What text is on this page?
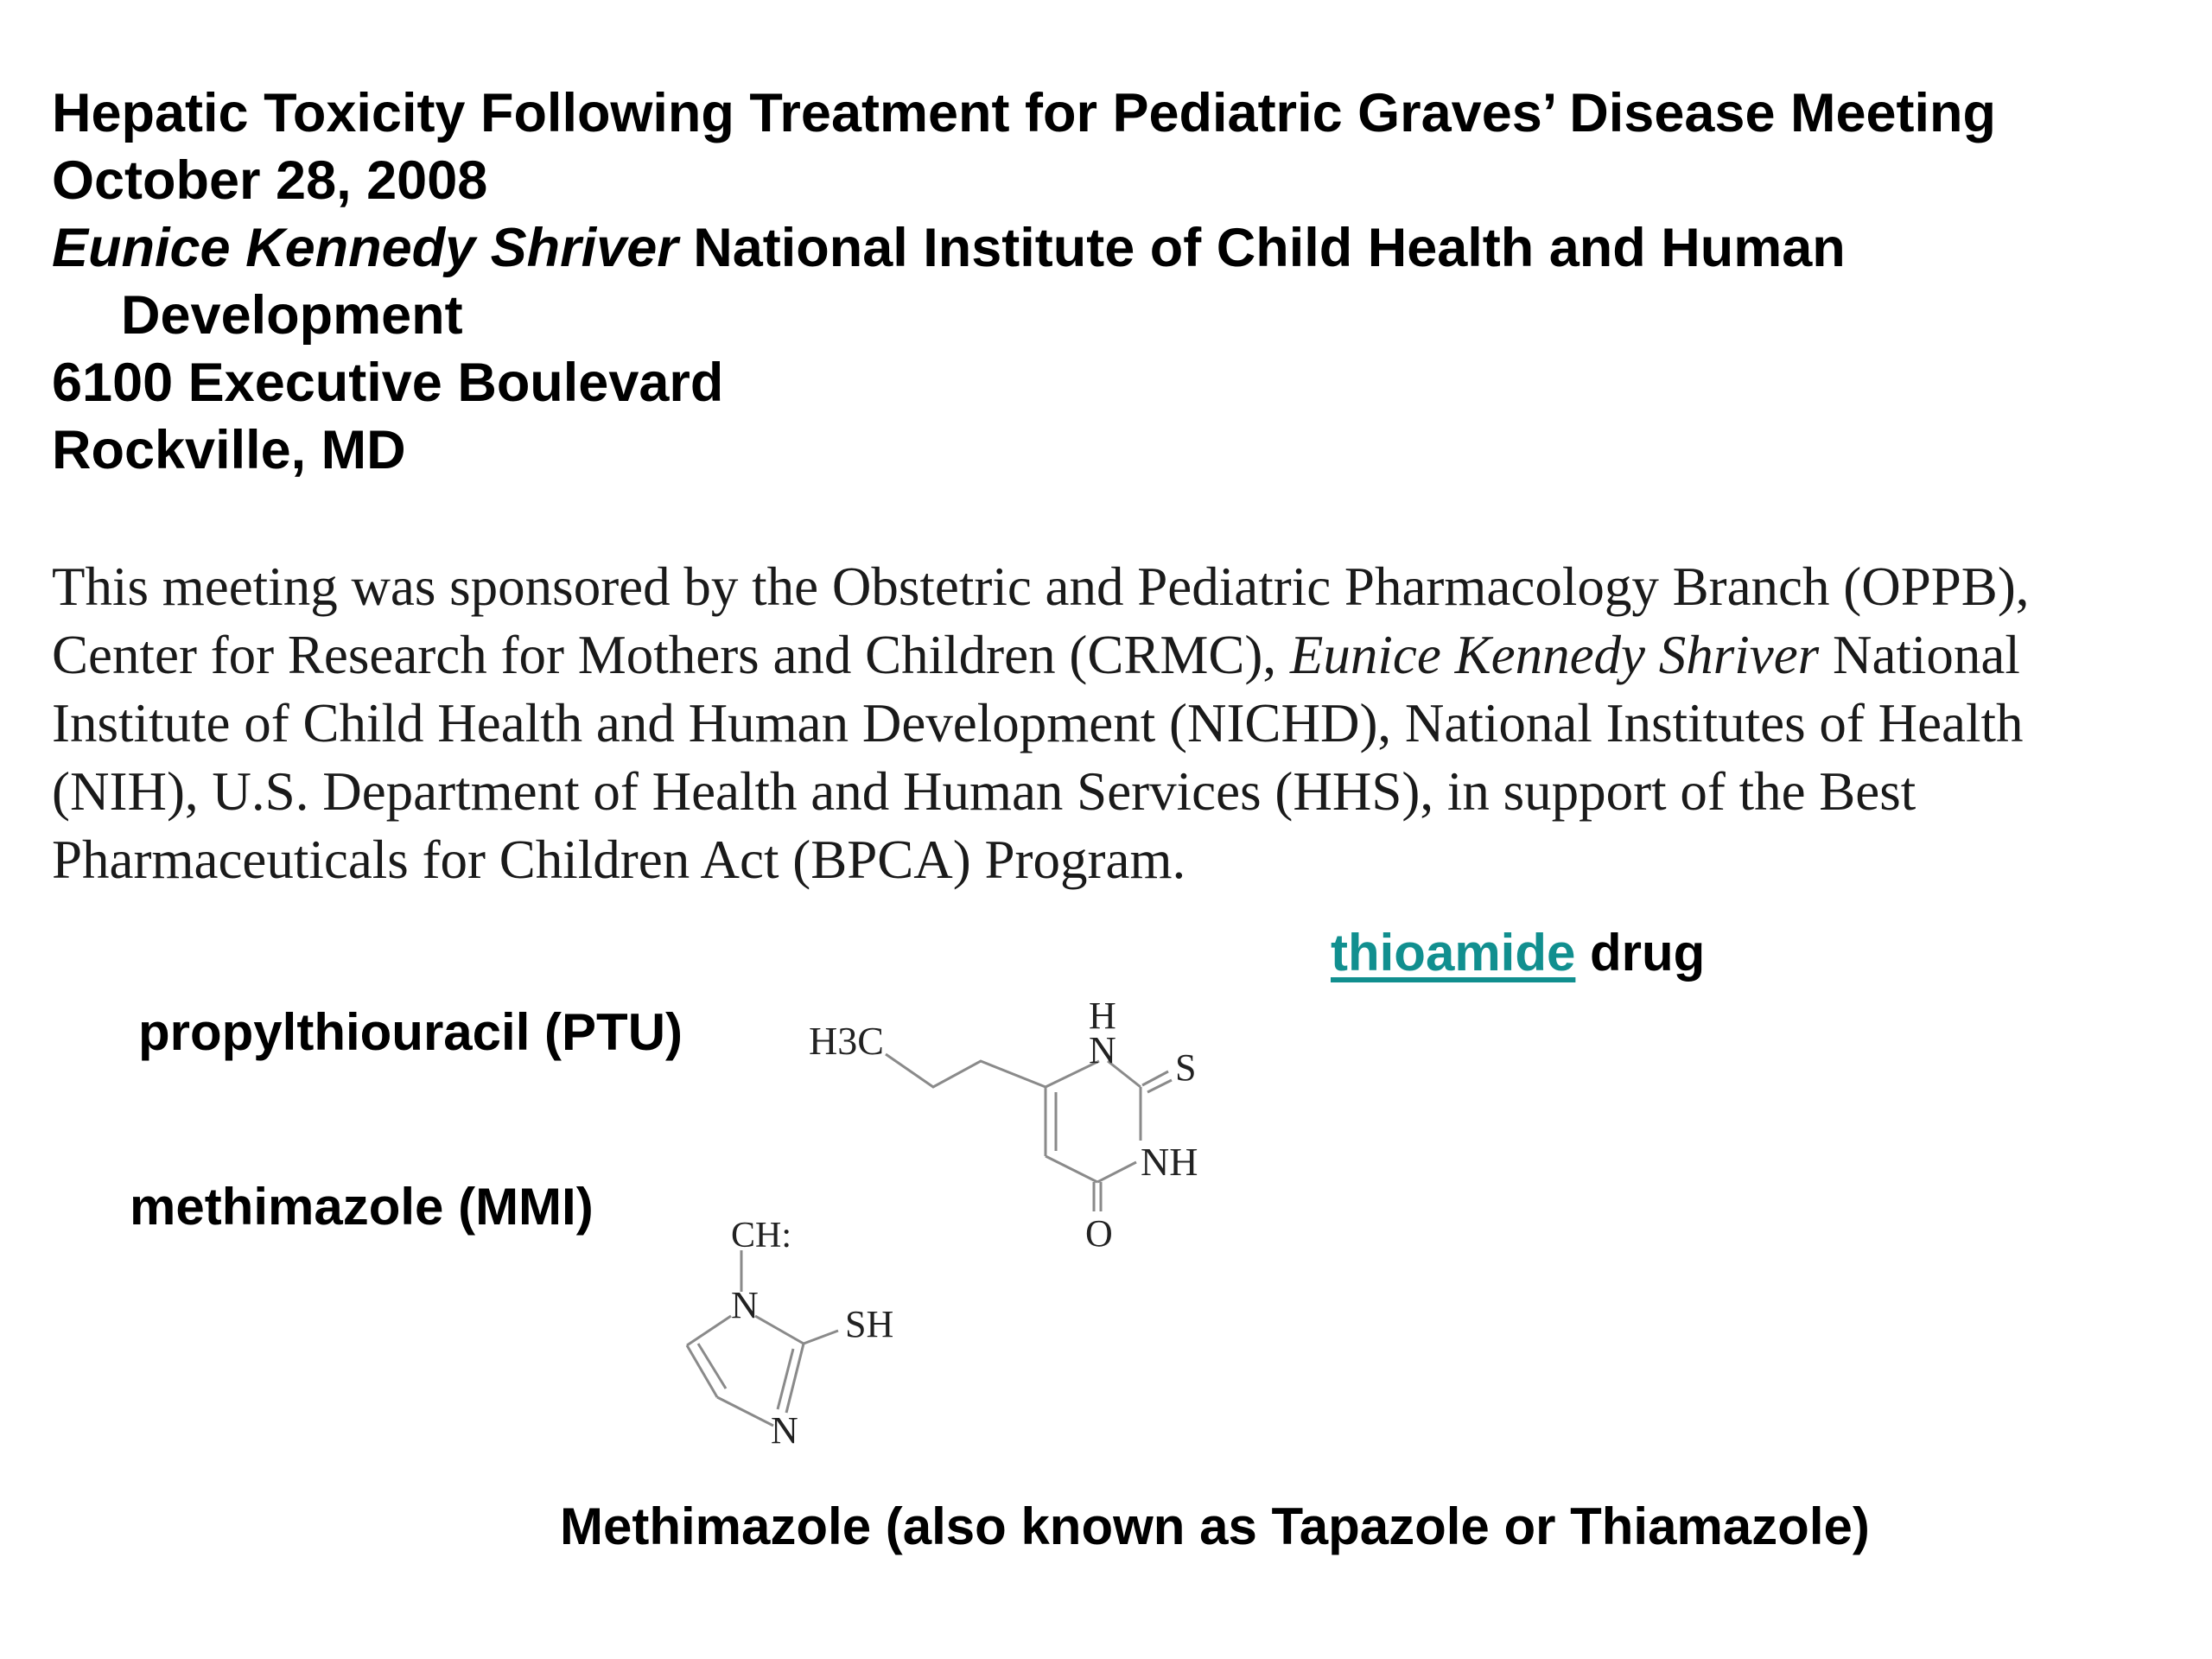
Hepatic Toxicity Following Treatment for Pediatric Graves’ Disease Meeting
October 28, 2008
Eunice Kennedy Shriver National Institute of Child Health and Human
Development
6100 Executive Boulevard
Rockville, MD
This meeting was sponsored by the Obstetric and Pediatric Pharmacology Branch (OPPB),
Center for Research for Mothers and Children (CRMC), Eunice Kennedy Shriver National
Institute of Child Health and Human Development (NICHD), National Institutes of Health
(NIH), U.S. Department of Health and Human Services (HHS), in support of the Best
Pharmaceuticals for Children Act (BPCA) Program.
thioamide drug
propylthiouracil (PTU)
methimazole (MMI)
H3C
H
N S
NH
O
CH:
N SH
N
Methimazole (also known as Tapazole or Thiamazole)
